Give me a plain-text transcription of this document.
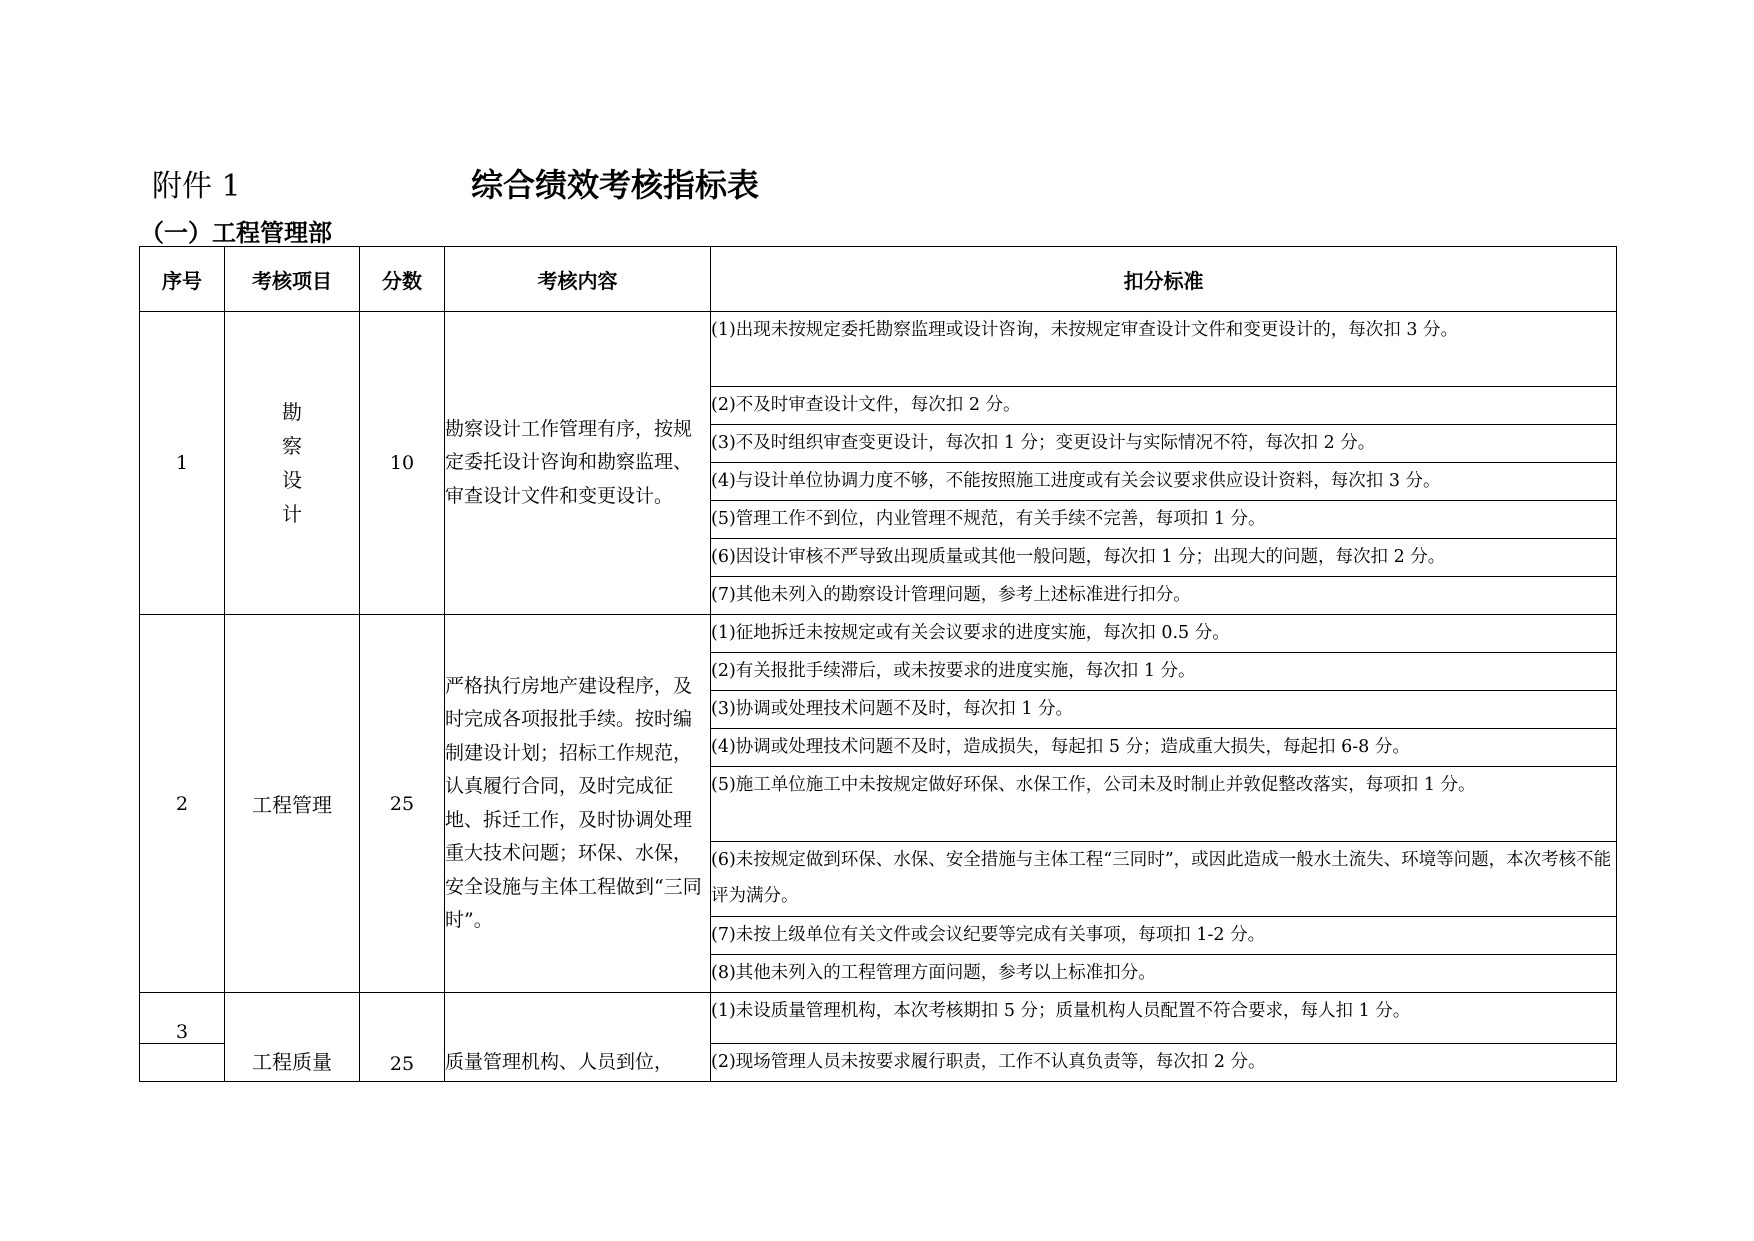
附件 1	综合绩效考核指标表
（一）工程管理部
序号	考核项目	分数	考核内容	扣分标准
1	勘察设计	10	勘察设计工作管理有序，按规定委托设计咨询和勘察监理、审查设计文件和变更设计。	(1)出现未按规定委托勘察监理或设计咨询，未按规定审查设计文件和变更设计的，每次扣 3 分。
				(2)不及时审查设计文件，每次扣 2 分。
				(3)不及时组织审查变更设计，每次扣 1 分；变更设计与实际情况不符，每次扣 2 分。
				(4)与设计单位协调力度不够，不能按照施工进度或有关会议要求供应设计资料，每次扣 3 分。
				(5)管理工作不到位，内业管理不规范，有关手续不完善，每项扣 1 分。
				(6)因设计审核不严导致出现质量或其他一般问题，每次扣 1 分；出现大的问题，每次扣 2 分。
				(7)其他未列入的勘察设计管理问题，参考上述标准进行扣分。
2	工程管理	25	严格执行房地产建设程序，及时完成各项报批手续。按时编制建设计划；招标工作规范，认真履行合同，及时完成征地、拆迁工作，及时协调处理重大技术问题；环保、水保，安全设施与主体工程做到“三同时”。	(1)征地拆迁未按规定或有关会议要求的进度实施，每次扣 0.5 分。
				(2)有关报批手续滞后，或未按要求的进度实施，每次扣 1 分。
				(3)协调或处理技术问题不及时，每次扣 1 分。
				(4)协调或处理技术问题不及时，造成损失，每起扣 5 分；造成重大损失，每起扣 6-8 分。
				(5)施工单位施工中未按规定做好环保、水保工作，公司未及时制止并敦促整改落实，每项扣 1 分。
				(6)未按规定做到环保、水保、安全措施与主体工程“三同时”，或因此造成一般水土流失、环境等问题，本次考核不能评为满分。
				(7)未按上级单位有关文件或会议纪要等完成有关事项，每项扣 1-2 分。
				(8)其他未列入的工程管理方面问题，参考以上标准扣分。
3	工程质量	25	质量管理机构、人员到位，	(1)未设质量管理机构，本次考核期扣 5 分；质量机构人员配置不符合要求，每人扣 1 分。
				(2)现场管理人员未按要求履行职责，工作不认真负责等，每次扣 2 分。
